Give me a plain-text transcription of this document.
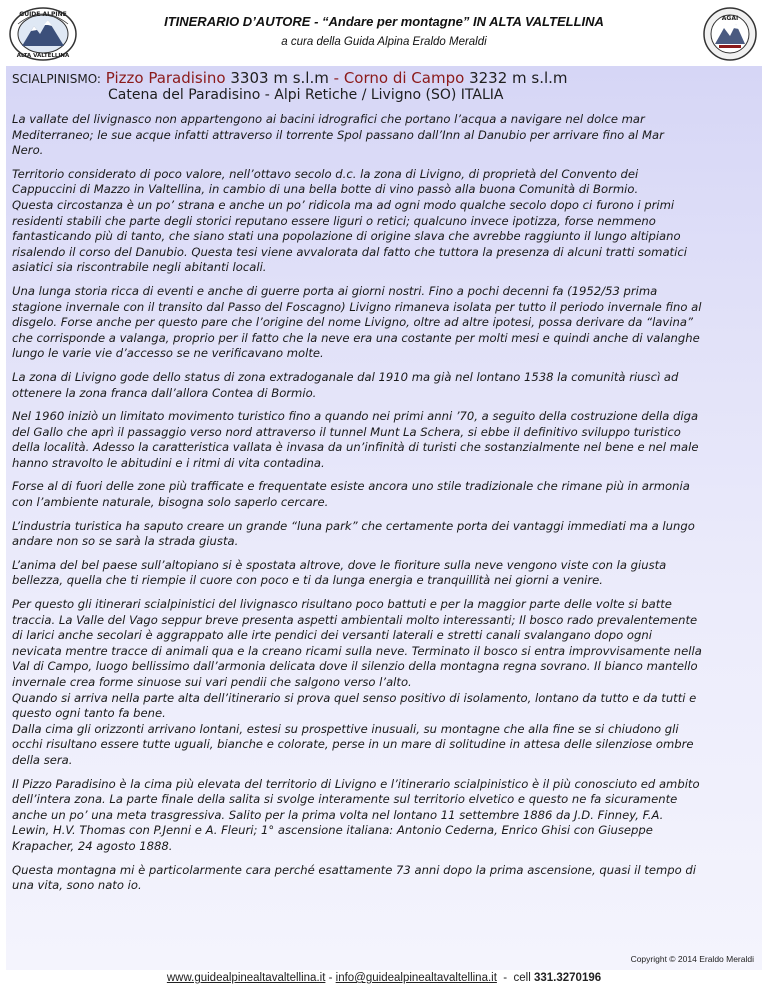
GUIDE ALPINE
ALTA VALTELLINA
ITINERARIO D’AUTORE - “Andare per montagne” IN ALTA VALTELLINA
a cura della Guida Alpina Eraldo Meraldi
AGAI
SCIALPINISMO: Pizzo Paradisino 3303 m s.l.m - Corno di Campo 3232 m s.l.m
Catena del Paradisino - Alpi Retiche / Livigno (SO) ITALIA

La vallate del livignasco non appartengono ai bacini idrografici che portano l’acqua a navigare nel dolce mar
Mediterraneo; le sue acque infatti attraverso il torrente Spol passano dall’Inn al Danubio per arrivare fino al Mar
Nero.

Territorio considerato di poco valore, nell’ottavo secolo d.c. la zona di Livigno, di proprietà del Convento dei
Cappuccini di Mazzo in Valtellina, in cambio di una bella botte di vino passò alla buona Comunità di Bormio.
Questa circostanza è un po’ strana e anche un po’ ridicola ma ad ogni modo qualche secolo dopo ci furono i primi
residenti stabili che parte degli storici reputano essere liguri o retici; qualcuno invece ipotizza, forse nemmeno
fantasticando più di tanto, che siano stati una popolazione di origine slava che avrebbe raggiunto il lungo altipiano
risalendo il corso del Danubio. Questa tesi viene avvalorata dal fatto che tuttora la presenza di alcuni tratti somatici
asiatici sia riscontrabile negli abitanti locali.

Una lunga storia ricca di eventi e anche di guerre porta ai giorni nostri. Fino a pochi decenni fa (1952/53 prima
stagione invernale con il transito dal Passo del Foscagno) Livigno rimaneva isolata per tutto il periodo invernale fino al
disgelo. Forse anche per questo pare che l’origine del nome Livigno, oltre ad altre ipotesi, possa derivare da “lavina”
che corrisponde a valanga, proprio per il fatto che la neve era una costante per molti mesi e quindi anche di valanghe
lungo le varie vie d’accesso se ne verificavano molte.

La zona di Livigno gode dello status di zona extradoganale dal 1910 ma già nel lontano 1538 la comunità riuscì ad
ottenere la zona franca dall’allora Contea di Bormio.

Nel 1960 iniziò un limitato movimento turistico fino a quando nei primi anni ’70, a seguito della costruzione della diga
del Gallo che aprì il passaggio verso nord attraverso il tunnel Munt La Schera, si ebbe il definitivo sviluppo turistico
della località. Adesso la caratteristica vallata è invasa da un’infinità di turisti che sostanzialmente nel bene e nel male
hanno stravolto le abitudini e i ritmi di vita contadina.

Forse al di fuori delle zone più trafficate e frequentate esiste ancora uno stile tradizionale che rimane più in armonia
con l’ambiente naturale, bisogna solo saperlo cercare.

L’industria turistica ha saputo creare un grande “luna park” che certamente porta dei vantaggi immediati ma a lungo
andare non so se sarà la strada giusta.

L’anima del bel paese sull’altopiano si è spostata altrove, dove le fioriture sulla neve vengono viste con la giusta
bellezza, quella che ti riempie il cuore con poco e ti da lunga energia e tranquillità nei giorni a venire.

Per questo gli itinerari scialpinistici del livignasco risultano poco battuti e per la maggior parte delle volte si batte
traccia. La Valle del Vago seppur breve presenta aspetti ambientali molto interessanti; Il bosco rado prevalentemente
di larici anche secolari è aggrappato alle irte pendici dei versanti laterali e stretti canali svalangano dopo ogni
nevicata mentre tracce di animali qua e la creano ricami sulla neve. Terminato il bosco si entra improvvisamente nella
Val di Campo, luogo bellissimo dall’armonia delicata dove il silenzio della montagna regna sovrano. Il bianco mantello
invernale crea forme sinuose sui vari pendii che salgono verso l’alto.
Quando si arriva nella parte alta dell’itinerario si prova quel senso positivo di isolamento, lontano da tutto e da tutti e
questo ogni tanto fa bene.
Dalla cima gli orizzonti arrivano lontani, estesi su prospettive inusuali, su montagne che alla fine se si chiudono gli
occhi risultano essere tutte uguali, bianche e colorate, perse in un mare di solitudine in attesa delle silenziose ombre
della sera.

Il Pizzo Paradisino è la cima più elevata del territorio di Livigno e l’itinerario scialpinistico è il più conosciuto ed ambito
dell’intera zona. La parte finale della salita si svolge interamente sul territorio elvetico e questo ne fa sicuramente
anche un po’ una meta trasgressiva. Salito per la prima volta nel lontano 11 settembre 1886 da J.D. Finney, F.A.
Lewin, H.V. Thomas con P.Jenni e A. Fleuri; 1° ascensione italiana: Antonio Cederna, Enrico Ghisi con Giuseppe
Krapacher, 24 agosto 1888.

Questa montagna mi è particolarmente cara perché esattamente 73 anni dopo la prima ascensione, quasi il tempo di
una vita, sono nato io.

Copyright © 2014 Eraldo Meraldi
www.guidealpinealtavaltellina.it - info@guidealpinealtavaltellina.it  -  cell 331.3270196
